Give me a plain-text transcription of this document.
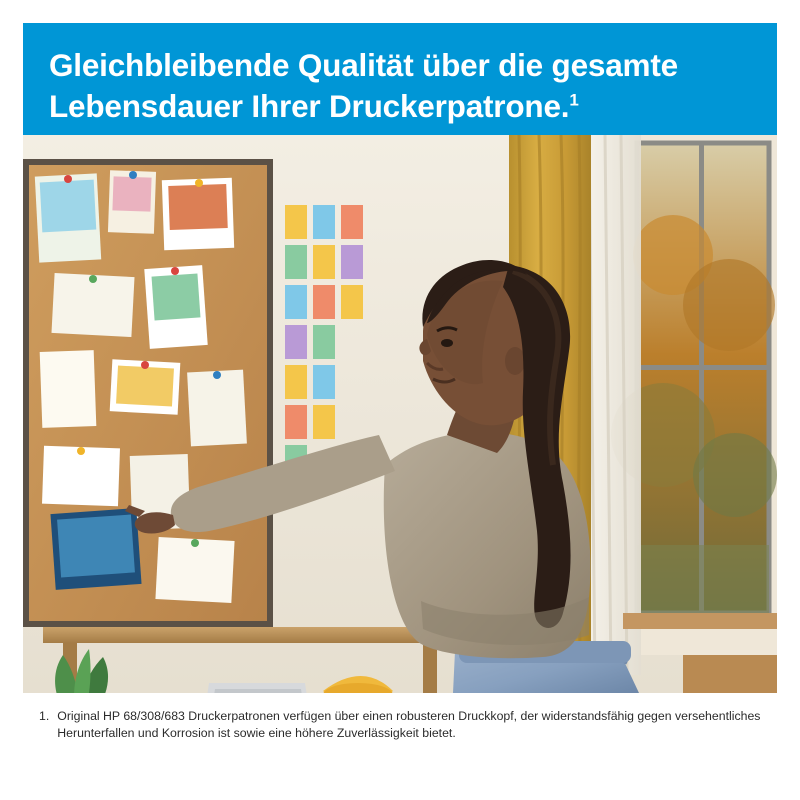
Gleichbleibende Qualität über die gesamte Lebensdauer Ihrer Druckerpatrone.$^1$
1. Original HP 68/308/683 Druckerpatronen verfügen über einen robusteren Druckkopf, der widerstandsfähig gegen versehentliches Herunterfallen und Korrosion ist sowie eine höhere Zuverlässigkeit bietet.
